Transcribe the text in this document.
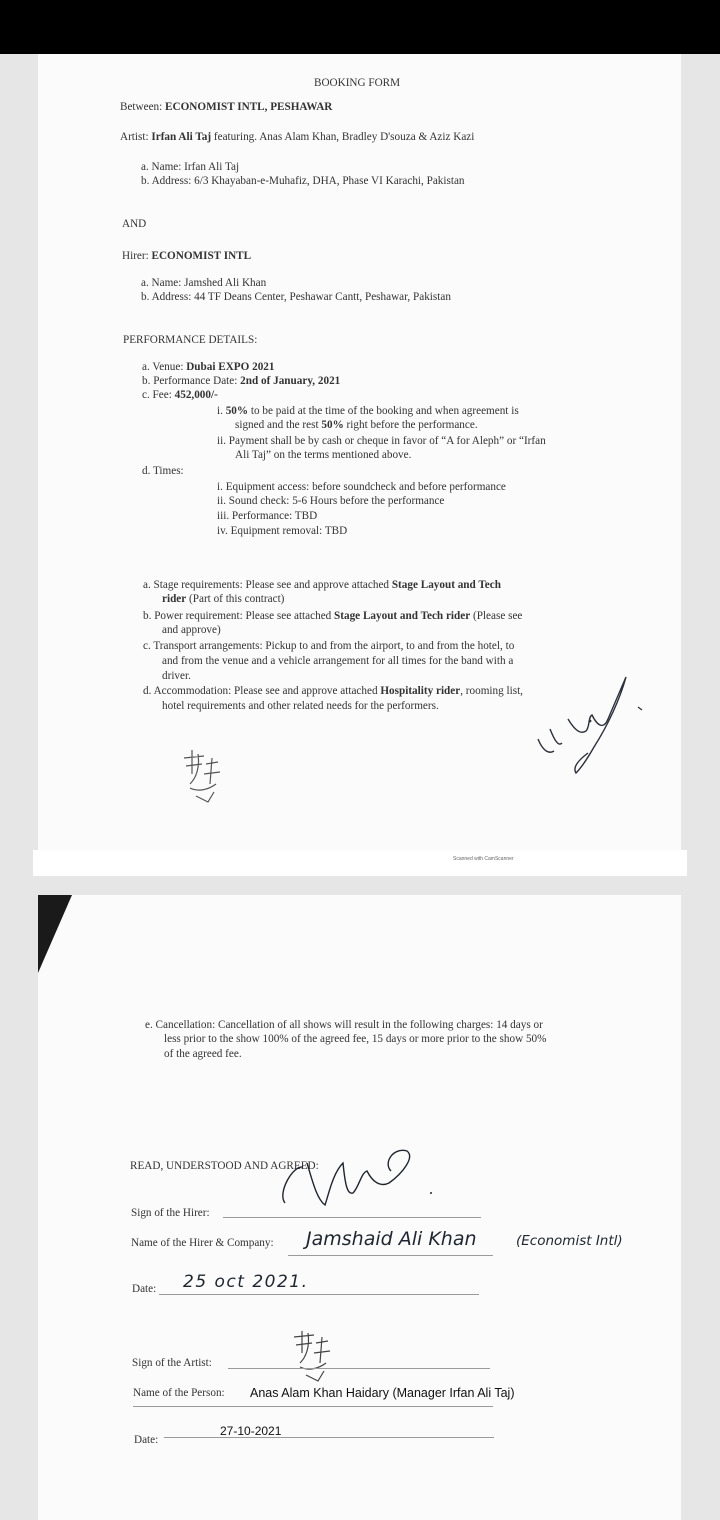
BOOKING FORM
Between: ECONOMIST INTL, PESHAWAR
Artist: Irfan Ali Taj featuring. Anas Alam Khan, Bradley D'souza & Aziz Kazi
a. Name: Irfan Ali Taj
b. Address: 6/3 Khayaban-e-Muhafiz, DHA, Phase VI Karachi, Pakistan
AND
Hirer: ECONOMIST INTL
a. Name: Jamshed Ali Khan
b. Address: 44 TF Deans Center, Peshawar Cantt, Peshawar, Pakistan
PERFORMANCE DETAILS:
a. Venue: Dubai EXPO 2021
b. Performance Date: 2nd of January, 2021
c. Fee: 452,000/-
i. 50% to be paid at the time of the booking and when agreement is
signed and the rest 50% right before the performance.
ii. Payment shall be by cash or cheque in favor of “A for Aleph” or “Irfan
Ali Taj” on the terms mentioned above.
d. Times:
i. Equipment access: before soundcheck and before performance
ii. Sound check: 5-6 Hours before the performance
iii. Performance: TBD
iv. Equipment removal: TBD
a. Stage requirements: Please see and approve attached Stage Layout and Tech
rider (Part of this contract)
b. Power requirement: Please see attached Stage Layout and Tech rider (Please see
and approve)
c. Transport arrangements: Pickup to and from the airport, to and from the hotel, to
and from the venue and a vehicle arrangement for all times for the band with a
driver.
d. Accommodation: Please see and approve attached Hospitality rider, rooming list,
hotel requirements and other related needs for the performers.
Scanned with CamScanner
e. Cancellation: Cancellation of all shows will result in the following charges: 14 days or
less prior to the show 100% of the agreed fee, 15 days or more prior to the show 50%
of the agreed fee.
READ, UNDERSTOOD AND AGREED:
Sign of the Hirer:
Name of the Hirer & Company: Jamshaid Ali Khan	(Economist Intl)
Date: 25 oct 2021.
Sign of the Artist:
Name of the Person: Anas Alam Khan Haidary (Manager Irfan Ali Taj)
27-10-2021
Date:
